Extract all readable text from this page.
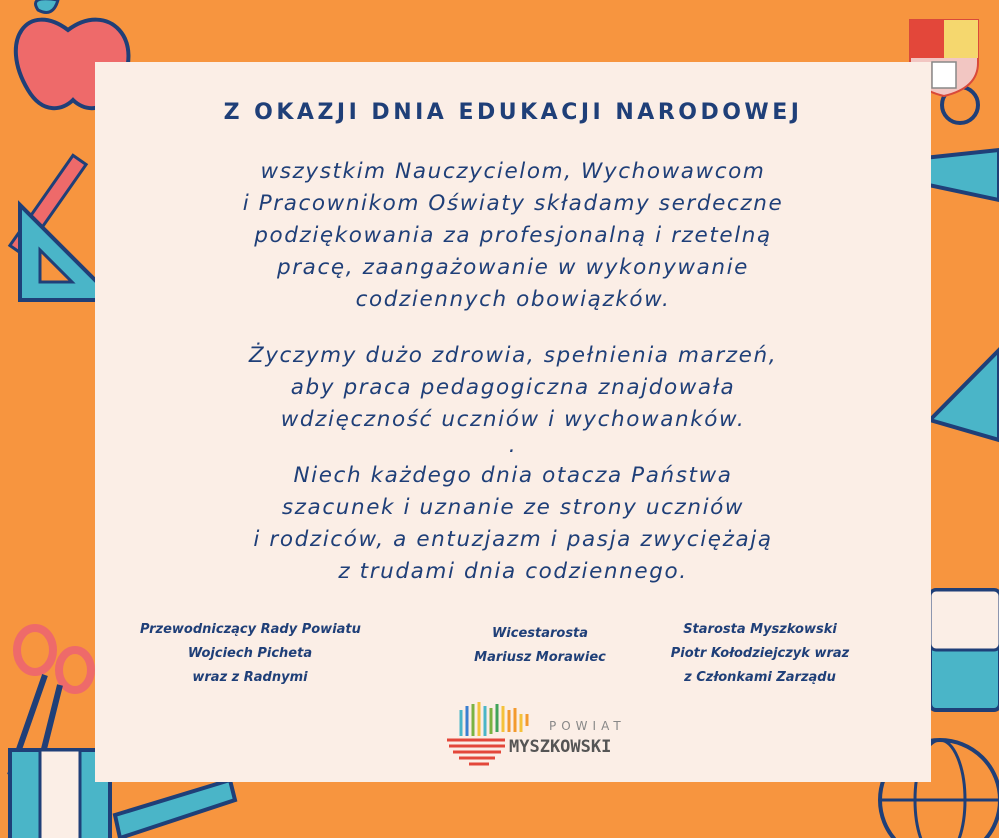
Z OKAZJI DNIA EDUKACJI NARODOWEJ
wszystkim Nauczycielom, Wychowawcom
i Pracownikom Oświaty składamy serdeczne
podziękowania za profesjonalną i rzetelną
pracę, zaangażowanie w wykonywanie
codziennych obowiązków.
Życzymy dużo zdrowia, spełnienia marzeń,
aby praca pedagogiczna znajdowała
wdzięczność uczniów i wychowanków.
.
Niech każdego dnia otacza Państwa
szacunek i uznanie ze strony uczniów
i rodziców, a entuzjazm i pasja zwyciężają
z trudami dnia codziennego.
Przewodniczący Rady Powiatu
Wojciech Picheta
wraz z Radnymi
Wicestarosta
Mariusz Morawiec
Starosta Myszkowski
Piotr Kołodziejczyk wraz
z Członkami Zarządu
POWIAT
MYSZKOWSKI
